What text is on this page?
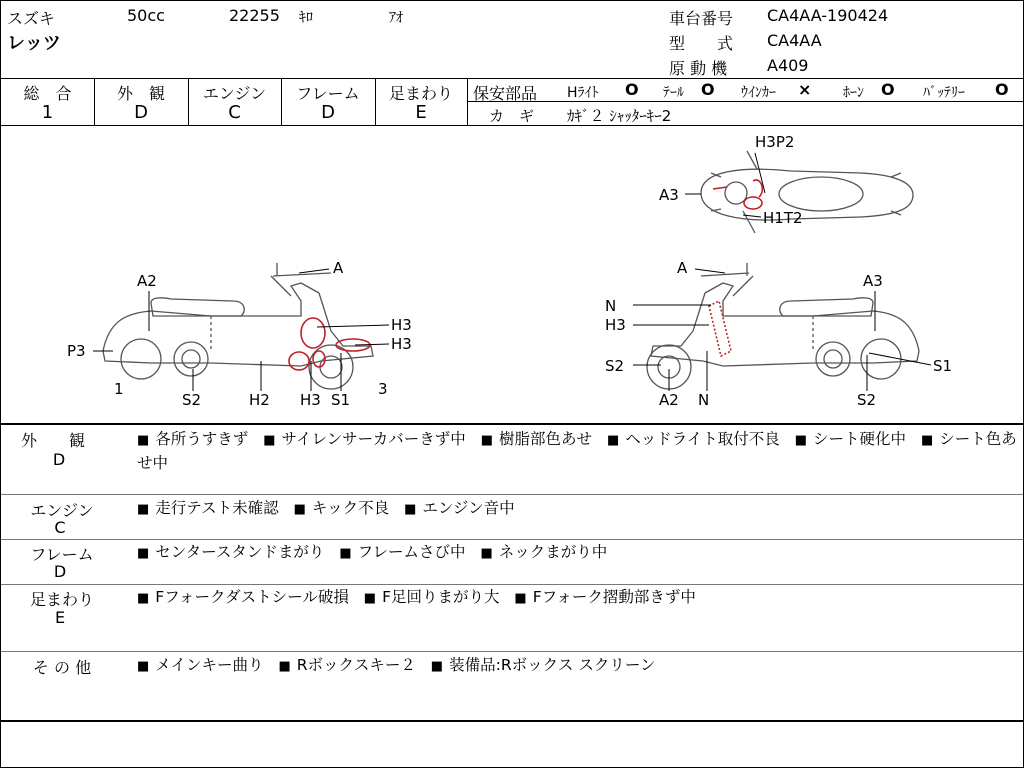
スズキ	50cc	22255 ｷﾛ	ｱｵ
レッツ
車台番号 CA4AA-190424
型　　式 CA4AA
原 動 機 A409
総　合
1
外　観
D
エンジン
C
フレーム
D
足まわり
E
保安部品 Hﾗｲﾄ O ﾃｰﾙ O ｳｲﾝｶｰ × ﾎｰﾝ O ﾊﾞｯﾃﾘｰ O
カ　ギ ｶｷﾞ２ ｼｬｯﾀｰｷｰ2
A
A2
H3
H3
P3
1
S2	H2 H3 S1
3
A
A3
N
H3
S2
A2 N
S1
S2
H3P2
A3
H1T2
外　　観
D
■ 各所うすきず ■ サイレンサーカバーきず中 ■ 樹脂部色あせ ■ ヘッドライト取付不良 ■ シート硬化中 ■ シート色あせ中
エンジン
C
■ 走行テスト未確認 ■ キック不良 ■ エンジン音中
フレーム
D
■ センタースタンドまがり ■ フレームさび中 ■ ネックまがり中
足まわり
E
■ Fフォークダストシール破損 ■ F足回りまがり大 ■ Fフォーク摺動部きず中
そ の 他	■ メインキー曲り ■ Rボックスキー２ ■ 装備品:Rボックス スクリーン
